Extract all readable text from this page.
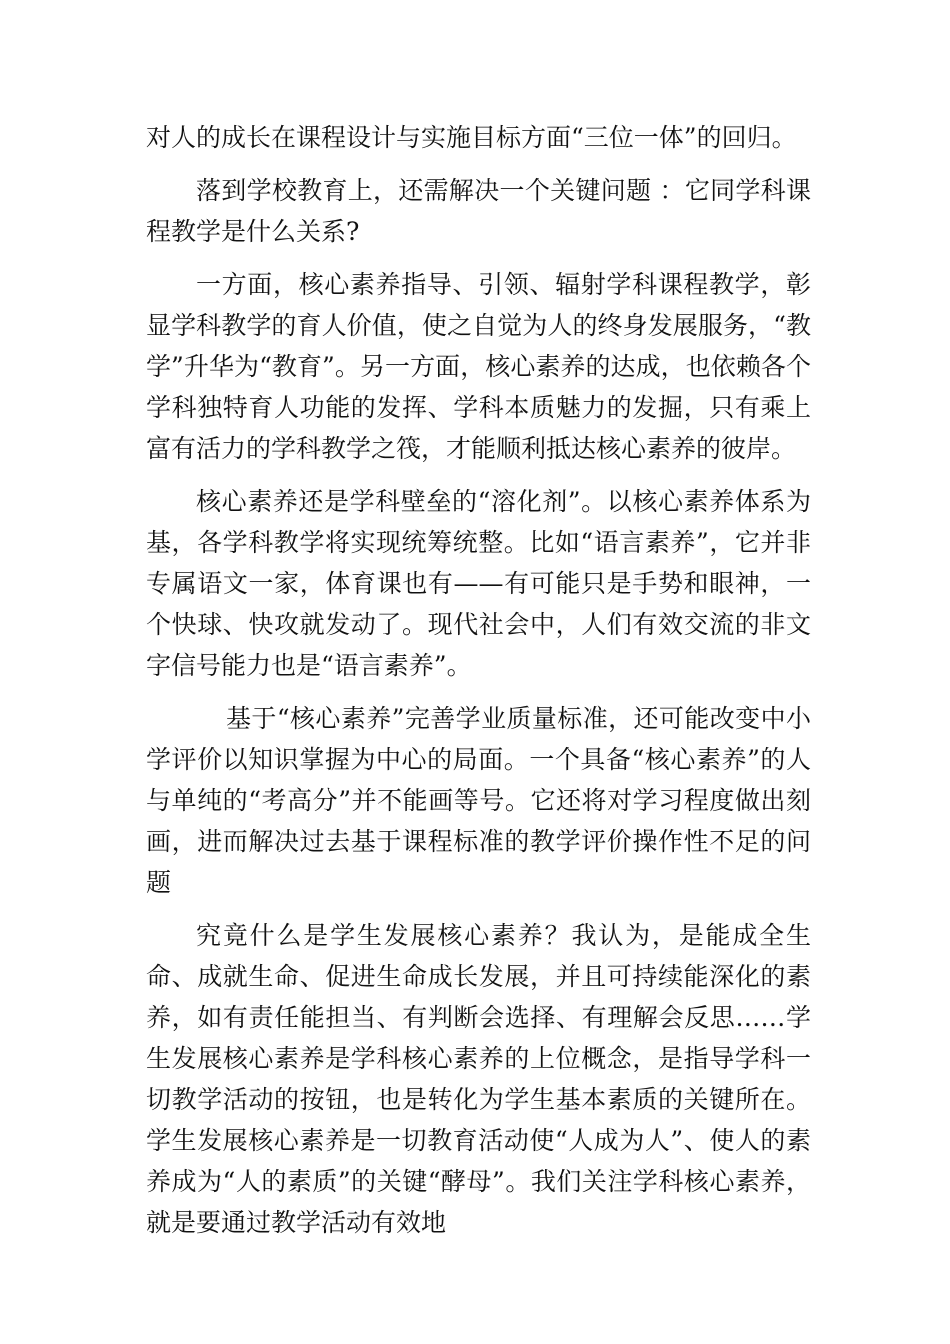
对人的成长在课程设计与实施目标方面“三位一体”的回归。

落到学校教育上，还需解决一个关键问题 ：它同学科课程教学是什么关系?

一方面，核心素养指导、引领、辐射学科课程教学，彰显学科教学的育人价值，使之自觉为人的终身发展服务，“教学”升华为“教育”。另一方面，核心素养的达成，也依赖各个学科独特育人功能的发挥、学科本质魅力的发掘，只有乘上富有活力的学科教学之筏，才能顺利抵达核心素养的彼岸。

核心素养还是学科壁垒的“溶化剂”。以核心素养体系为基，各学科教学将实现统筹统整。比如“语言素养”，它并非专属语文一家，体育课也有——有可能只是手势和眼神，一个快球、快攻就发动了。现代社会中，人们有效交流的非文字信号能力也是“语言素养”。

基于“核心素养”完善学业质量标准，还可能改变中小学评价以知识掌握为中心的局面。一个具备“核心素养”的人与单纯的“考高分”并不能画等号。它还将对学习程度做出刻画，进而解决过去基于课程标准的教学评价操作性不足的问题

究竟什么是学生发展核心素养？我认为，是能成全生命、成就生命、促进生命成长发展，并且可持续能深化的素养，如有责任能担当、有判断会选择、有理解会反思……学生发展核心素养是学科核心素养的上位概念，是指导学科一切教学活动的按钮，也是转化为学生基本素质的关键所在。学生发展核心素养是一切教育活动使“人成为人”、使人的素养成为“人的素质”的关键“酵母”。我们关注学科核心素养，就是要通过教学活动有效地
